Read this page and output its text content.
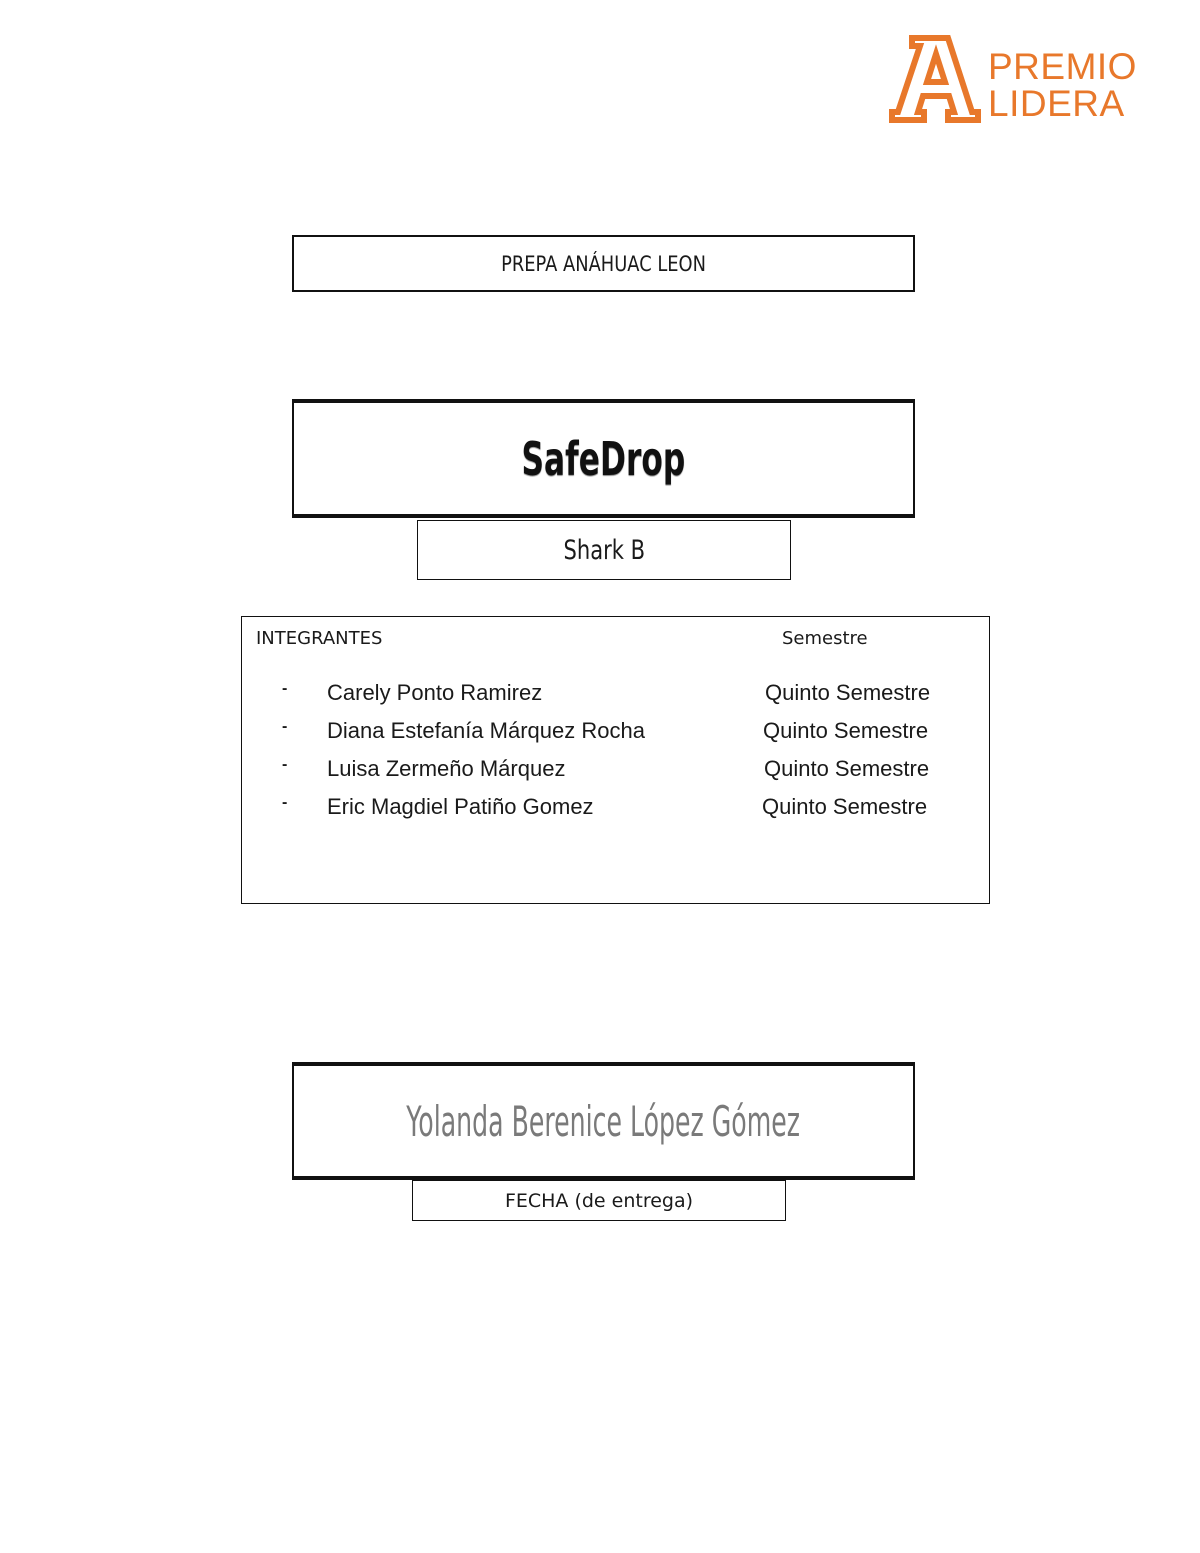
PREMIO
LIDERA
PREPA ANÁHUAC LEON
SafeDrop
Shark B
INTEGRANTES	Semestre
- Carely Ponto Ramirez	Quinto Semestre
- Diana Estefanía Márquez Rocha	Quinto Semestre
- Luisa Zermeño Márquez	Quinto Semestre
- Eric Magdiel Patiño Gomez	Quinto Semestre
Yolanda Berenice López Gómez
FECHA (de entrega)
